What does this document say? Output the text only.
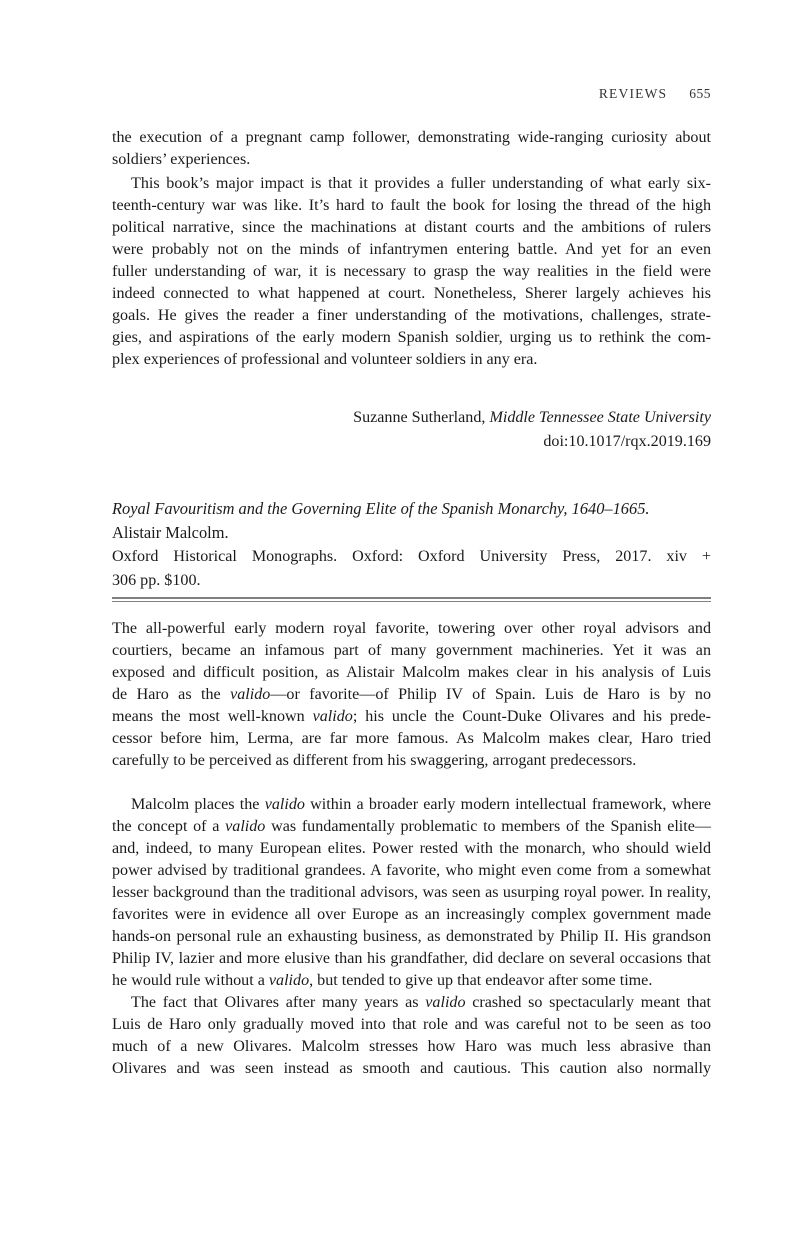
REVIEWS 655
the execution of a pregnant camp follower, demonstrating wide-ranging curiosity about
soldiers’ experiences.
This book’s major impact is that it provides a fuller understanding of what early six-
teenth-century war was like. It’s hard to fault the book for losing the thread of the high
political narrative, since the machinations at distant courts and the ambitions of rulers
were probably not on the minds of infantrymen entering battle. And yet for an even
fuller understanding of war, it is necessary to grasp the way realities in the field were
indeed connected to what happened at court. Nonetheless, Sherer largely achieves his
goals. He gives the reader a finer understanding of the motivations, challenges, strate-
gies, and aspirations of the early modern Spanish soldier, urging us to rethink the com-
plex experiences of professional and volunteer soldiers in any era.
Suzanne Sutherland, Middle Tennessee State University
doi:10.1017/rqx.2019.169
Royal Favouritism and the Governing Elite of the Spanish Monarchy, 1640–1665.
Alistair Malcolm.
Oxford Historical Monographs. Oxford: Oxford University Press, 2017. xiv +
306 pp. $100.
The all-powerful early modern royal favorite, towering over other royal advisors and
courtiers, became an infamous part of many government machineries. Yet it was an
exposed and difficult position, as Alistair Malcolm makes clear in his analysis of Luis
de Haro as the valido—or favorite—of Philip IV of Spain. Luis de Haro is by no
means the most well-known valido; his uncle the Count-Duke Olivares and his prede-
cessor before him, Lerma, are far more famous. As Malcolm makes clear, Haro tried
carefully to be perceived as different from his swaggering, arrogant predecessors.
Malcolm places the valido within a broader early modern intellectual framework, where
the concept of a valido was fundamentally problematic to members of the Spanish elite—
and, indeed, to many European elites. Power rested with the monarch, who should wield
power advised by traditional grandees. A favorite, who might even come from a somewhat
lesser background than the traditional advisors, was seen as usurping royal power. In reality,
favorites were in evidence all over Europe as an increasingly complex government made
hands-on personal rule an exhausting business, as demonstrated by Philip II. His grandson
Philip IV, lazier and more elusive than his grandfather, did declare on several occasions that
he would rule without a valido, but tended to give up that endeavor after some time.
The fact that Olivares after many years as valido crashed so spectacularly meant that
Luis de Haro only gradually moved into that role and was careful not to be seen as too
much of a new Olivares. Malcolm stresses how Haro was much less abrasive than
Olivares and was seen instead as smooth and cautious. This caution also normally
